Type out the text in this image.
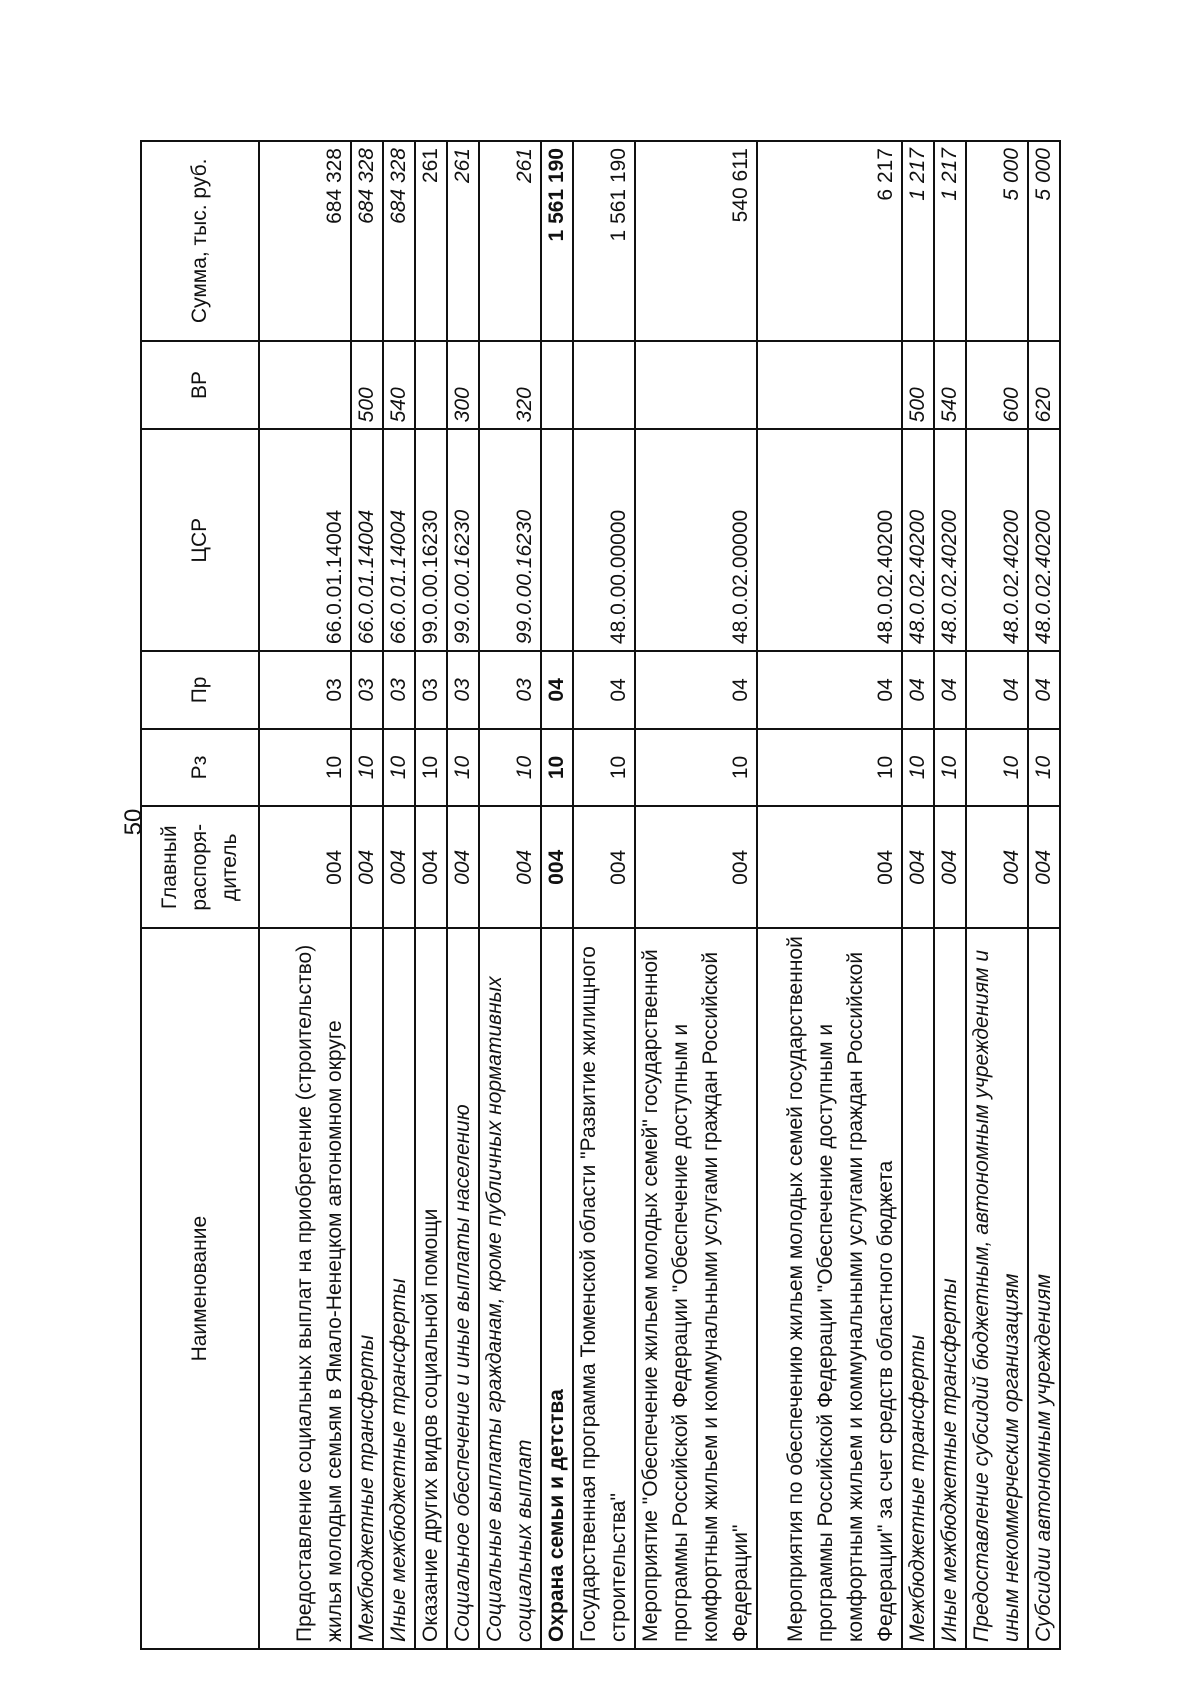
50
Наименование	Главный распоря-дитель	Рз	Пр	ЦСР	ВР	Сумма, тыс. руб.
Предоставление социальных выплат на приобретение (строительство) жилья молодым семьям в Ямало-Ненецком автономном округе	004	10	03	66.0.01.14004		684 328
Межбюджетные трансферты	004	10	03	66.0.01.14004	500	684 328
Иные межбюджетные трансферты	004	10	03	66.0.01.14004	540	684 328
Оказание других видов социальной помощи	004	10	03	99.0.00.16230		261
Социальное обеспечение и иные выплаты населению	004	10	03	99.0.00.16230	300	261
Социальные выплаты гражданам, кроме публичных нормативных социальных выплат	004	10	03	99.0.00.16230	320	261
Охрана семьи и детства	004	10	04			1 561 190
Государственная программа Тюменской области "Развитие жилищного строительства"	004	10	04	48.0.00.00000		1 561 190
Мероприятие "Обеспечение жильем молодых семей" государственной программы Российской Федерации "Обеспечение доступным и комфортным жильем и коммунальными услугами граждан Российской Федерации"	004	10	04	48.0.02.00000		540 611
Мероприятия по обеспечению жильем молодых семей государственной программы Российской Федерации "Обеспечение доступным и комфортным жильем и коммунальными услугами граждан Российской Федерации" за счет средств областного бюджета	004	10	04	48.0.02.40200		6 217
Межбюджетные трансферты	004	10	04	48.0.02.40200	500	1 217
Иные межбюджетные трансферты	004	10	04	48.0.02.40200	540	1 217
Предоставление субсидий бюджетным, автономным учреждениям и иным некоммерческим организациям	004	10	04	48.0.02.40200	600	5 000
Субсидии автономным учреждениям	004	10	04	48.0.02.40200	620	5 000
